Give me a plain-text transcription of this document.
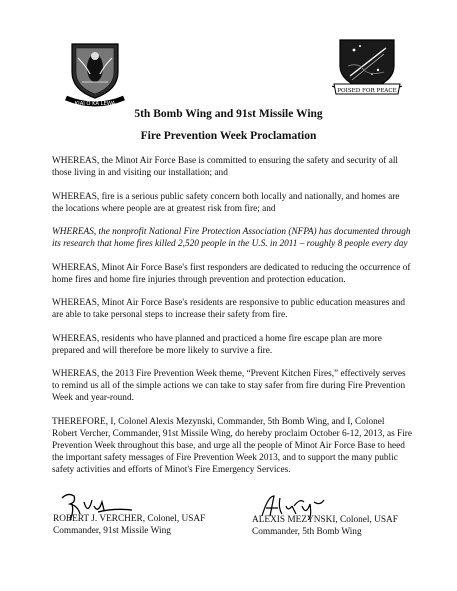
KIAI O KA LEWA
POISED FOR PEACE
5th Bomb Wing and 91st Missile Wing
Fire Prevention Week Proclamation

WHEREAS, the Minot Air Force Base is committed to ensuring the safety and security of all those living in and visiting our installation; and

WHEREAS, fire is a serious public safety concern both locally and nationally, and homes are the locations where people are at greatest risk from fire; and

WHEREAS, the nonprofit National Fire Protection Association (NFPA) has documented through its research that home fires killed 2,520 people in the U.S. in 2011 – roughly 8 people every day

WHEREAS, Minot Air Force Base's first responders are dedicated to reducing the occurrence of home fires and home fire injuries through prevention and protection education.

WHEREAS, Minot Air Force Base's residents are responsive to public education measures and are able to take personal steps to increase their safety from fire.

WHEREAS, residents who have planned and practiced a home fire escape plan are more prepared and will therefore be more likely to survive a fire.

WHEREAS, the 2013 Fire Prevention Week theme, “Prevent Kitchen Fires,” effectively serves to remind us all of the simple actions we can take to stay safer from fire during Fire Prevention Week and year-round.

THEREFORE, I, Colonel Alexis Mezynski, Commander, 5th Bomb Wing, and I, Colonel Robert Vercher, Commander, 91st Missile Wing, do hereby proclaim October 6-12, 2013, as Fire Prevention Week throughout this base, and urge all the people of Minot Air Force Base to heed the important safety messages of Fire Prevention Week 2013, and to support the many public safety activities and efforts of Minot's Fire Emergency Services.

ROBERT J. VERCHER, Colonel, USAF
Commander, 91st Missile Wing
ALEXIS MEZYNSKI, Colonel, USAF
Commander, 5th Bomb Wing
